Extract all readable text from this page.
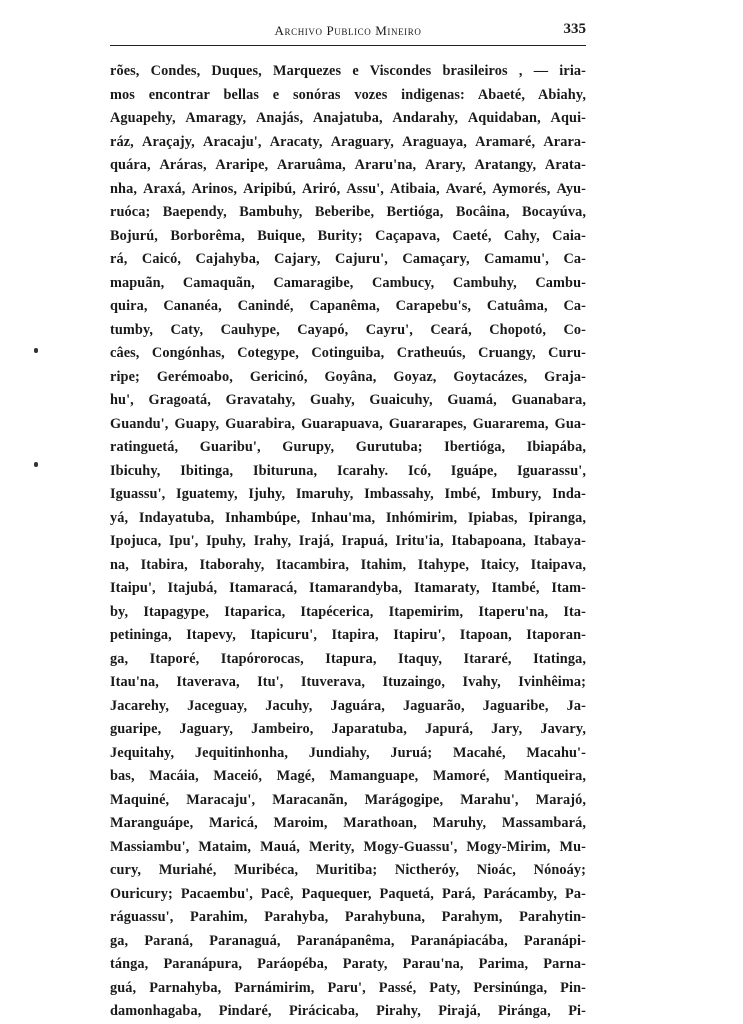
Archivo Publico Mineiro	335
rões, Condes, Duques, Marquezes e Viscondes brasileiros , — iria-
mos encontrar bellas e sonóras vozes indigenas: Abaeté, Abiahy,
Aguapehy, Amaragy, Anajás, Anajatuba, Andarahy, Aquidaban, Aqui-
ráz, Araçajy, Aracaju', Aracaty, Araguary, Araguaya, Aramaré, Arara-
quára, Aráras, Araripe, Araruâma, Araru'na, Arary, Aratangy, Arata-
nha, Araxá, Arinos, Aripibú, Ariró, Assu', Atibaia, Avaré, Aymorés, Ayu-
ruóca; Baependy, Bambuhy, Beberibe, Bertióga, Bocâina, Bocayúva,
Bojurú, Borborêma, Buique, Burity; Caçapava, Caeté, Cahy, Caia-
rá, Caicó, Cajahyba, Cajary, Cajuru', Camaçary, Camamu', Ca-
mapuãn, Camaquãn, Camaragibe, Cambucy, Cambuhy, Cambu-
quira, Cananéa, Canindé, Capanêma, Carapebu's, Catuâma, Ca-
tumby, Caty, Cauhype, Cayapó, Cayru', Ceará, Chopotó, Co-
câes, Congónhas, Cotegype, Cotinguiba, Cratheuús, Cruangy, Curu-
ripe; Gerémoabo, Gericinó, Goyâna, Goyaz, Goytacázes, Graja-
hu', Gragoatá, Gravatahy, Guahy, Guaicuhy, Guamá, Guanabara,
Guandu', Guapy, Guarabira, Guarapuava, Guararapes, Guararema, Gua-
ratinguetá, Guaribu', Gurupy, Gurutuba; Ibertióga, Ibiapába,
Ibicuhy, Ibitinga, Ibituruna, Icarahy. Icó, Iguápe, Iguarassu',
Iguassu', Iguatemy, Ijuhy, Imaruhy, Imbassahy, Imbé, Imbury, Inda-
yá, Indayatuba, Inhambúpe, Inhau'ma, Inhómirim, Ipiabas, Ipiranga,
Ipojuca, Ipu', Ipuhy, Irahy, Irajá, Irapuá, Iritu'ia, Itabapoana, Itabaya-
na, Itabira, Itaborahy, Itacambira, Itahim, Itahype, Itaicy, Itaipava,
Itaipu', Itajubá, Itamaracá, Itamarandyba, Itamaraty, Itambé, Itam-
by, Itapagype, Itaparica, Itapécerica, Itapemirim, Itaperu'na, Ita-
petininga, Itapevy, Itapicuru', Itapira, Itapiru', Itapoan, Itaporan-
ga, Itaporé, Itapórorocas, Itapura, Itaquy, Itararé, Itatinga,
Itau'na, Itaverava, Itu', Ituverava, Ituzaingo, Ivahy, Ivinhêima;
Jacarehy, Jaceguay, Jacuhy, Jaguára, Jaguarão, Jaguaribe, Ja-
guaripe, Jaguary, Jambeiro, Japaratuba, Japurá, Jary, Javary,
Jequitahy, Jequitinhonha, Jundiahy, Juruá; Macahé, Macahu'-
bas, Macáia, Maceió, Magé, Mamanguape, Mamoré, Mantiqueira,
Maquiné, Maracaju', Maracanãn, Marágogipe, Marahu', Marajó,
Maranguápe, Maricá, Maroim, Marathoan, Maruhy, Massambará,
Massiambu', Mataim, Mauá, Merity, Mogy-Guassu', Mogy-Mirim, Mu-
cury, Muriahé, Muribéca, Muritiba; Nictheróy, Nioác, Nónoáy;
Ouricury; Pacaembu', Pacê, Paquequer, Paquetá, Pará, Parácamby, Pa-
ráguassu', Parahim, Parahyba, Parahybuna, Parahym, Parahytin-
ga, Paraná, Paranaguá, Paranápanêma, Paranápiacába, Paranápi-
tánga, Paranápura, Paráopéba, Paraty, Parau'na, Parima, Parna-
guá, Parnahyba, Parnámirim, Paru', Passé, Paty, Persinúnga, Pin-
damonhagaba, Pindaré, Pirácicaba, Pirahy, Pirajá, Piránga, Pi-
